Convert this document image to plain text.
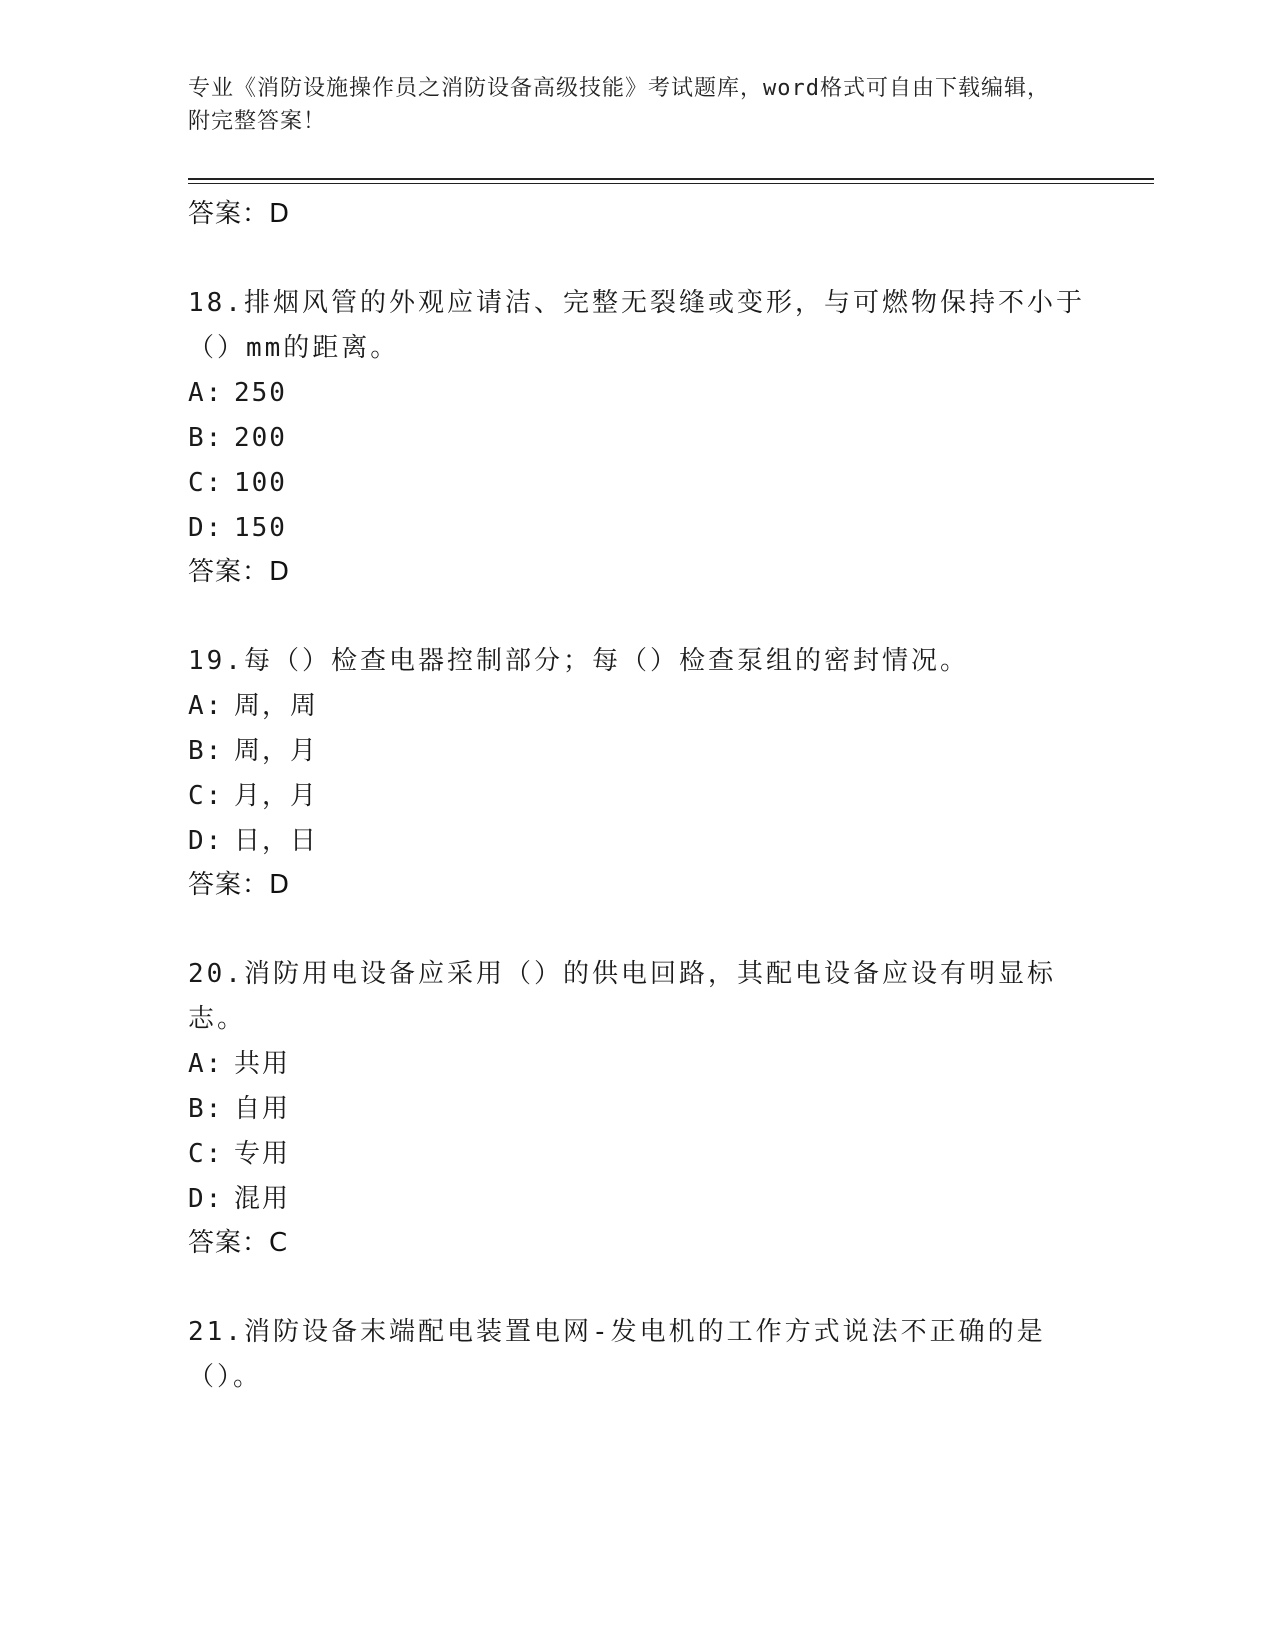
专业《消防设施操作员之消防设备高级技能》考试题库，word格式可自由下载编辑，附完整答案！
答案：D
18.排烟风管的外观应请洁、完整无裂缝或变形，与可燃物保持不小于（）mm的距离。
A: 250
B: 200
C: 100
D: 150
答案：D
19.每（）检查电器控制部分；每（）检查泵组的密封情况。
A: 周，周
B: 周，月
C: 月，月
D: 日，日
答案：D
20.消防用电设备应采用（）的供电回路，其配电设备应设有明显标志。
A: 共用
B: 自用
C: 专用
D: 混用
答案：C
21.消防设备末端配电装置电网-发电机的工作方式说法不正确的是（）。
